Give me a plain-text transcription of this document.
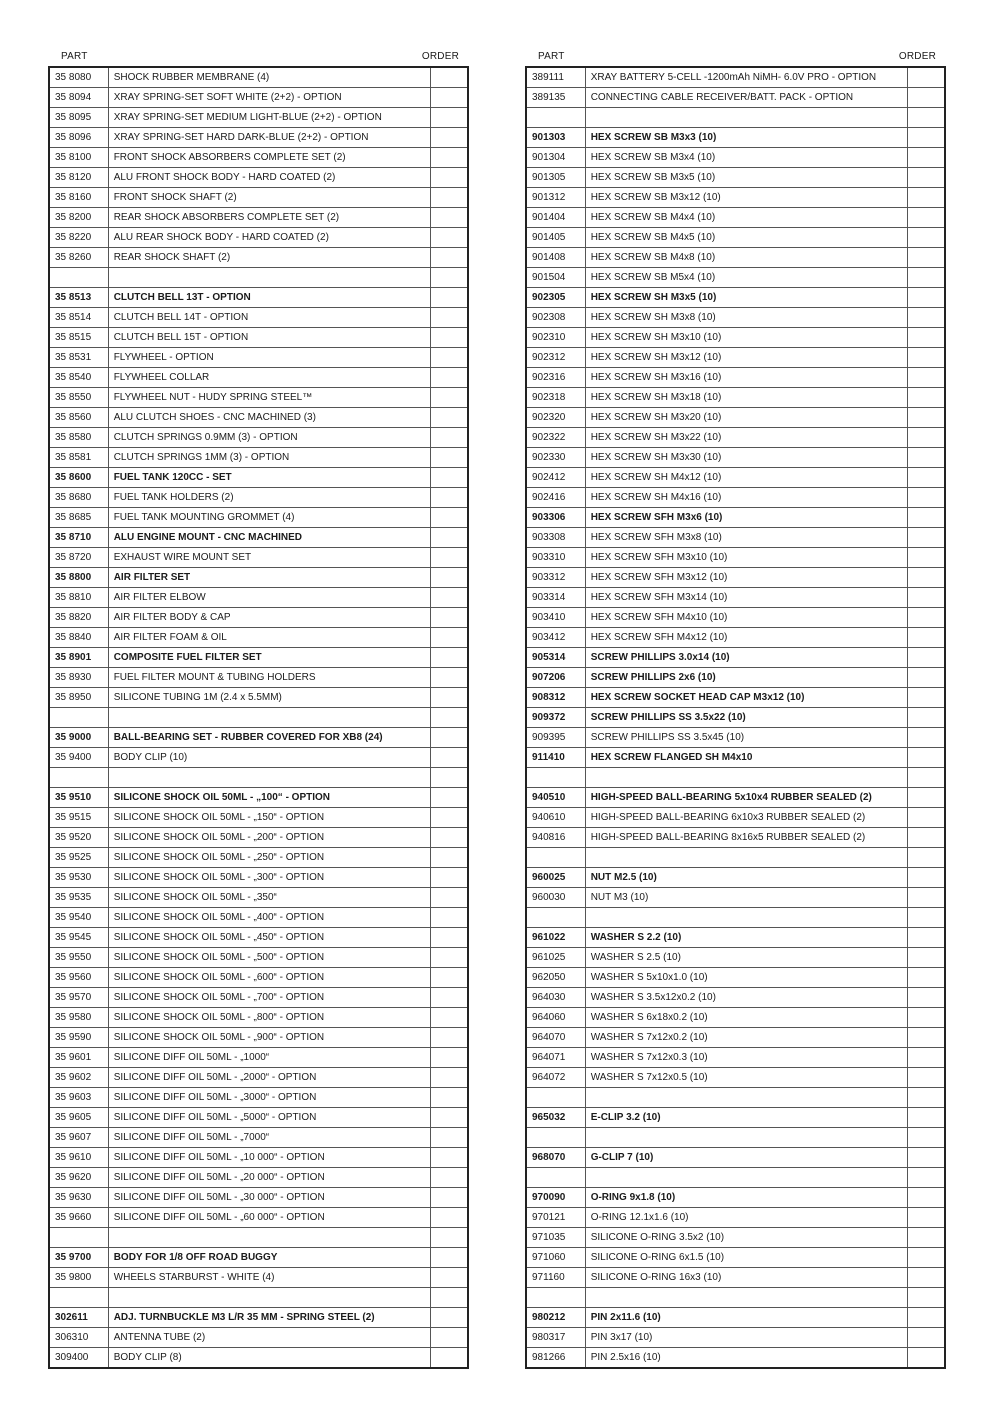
PART	ORDER
35 8080	SHOCK RUBBER MEMBRANE (4)	
35 8094	XRAY SPRING-SET SOFT WHITE (2+2) - OPTION	
35 8095	XRAY SPRING-SET MEDIUM LIGHT-BLUE (2+2) - OPTION	
35 8096	XRAY SPRING-SET HARD DARK-BLUE (2+2) - OPTION	
35 8100	FRONT SHOCK ABSORBERS COMPLETE SET (2)	
35 8120	ALU FRONT SHOCK BODY - HARD COATED (2)	
35 8160	FRONT SHOCK SHAFT (2)	
35 8200	REAR SHOCK ABSORBERS COMPLETE SET (2)	
35 8220	ALU REAR SHOCK BODY - HARD COATED (2)	
35 8260	REAR SHOCK SHAFT (2)	

35 8513	CLUTCH BELL 13T - OPTION	
35 8514	CLUTCH BELL 14T - OPTION	
35 8515	CLUTCH BELL 15T - OPTION	
35 8531	FLYWHEEL - OPTION	
35 8540	FLYWHEEL COLLAR	
35 8550	FLYWHEEL NUT - HUDY SPRING STEEL™	
35 8560	ALU CLUTCH SHOES - CNC MACHINED (3)	
35 8580	CLUTCH SPRINGS 0.9MM (3) - OPTION	
35 8581	CLUTCH SPRINGS 1MM (3) - OPTION	
35 8600	FUEL TANK 120CC - SET	
35 8680	FUEL TANK HOLDERS (2)	
35 8685	FUEL TANK MOUNTING GROMMET (4)	
35 8710	ALU ENGINE MOUNT - CNC MACHINED	
35 8720	EXHAUST WIRE MOUNT SET	
35 8800	AIR FILTER SET	
35 8810	AIR FILTER ELBOW	
35 8820	AIR FILTER BODY & CAP	
35 8840	AIR FILTER FOAM & OIL	
35 8901	COMPOSITE FUEL FILTER SET	
35 8930	FUEL FILTER MOUNT & TUBING HOLDERS	
35 8950	SILICONE TUBING 1M (2.4 x 5.5MM)	

35 9000	BALL-BEARING SET - RUBBER COVERED FOR XB8 (24)	
35 9400	BODY CLIP (10)	

35 9510	SILICONE SHOCK OIL 50ML - „100“ - OPTION	
35 9515	SILICONE SHOCK OIL 50ML - „150“ - OPTION	
35 9520	SILICONE SHOCK OIL 50ML - „200“ - OPTION	
35 9525	SILICONE SHOCK OIL 50ML - „250“ - OPTION	
35 9530	SILICONE SHOCK OIL 50ML - „300“ - OPTION	
35 9535	SILICONE SHOCK OIL 50ML - „350“	
35 9540	SILICONE SHOCK OIL 50ML - „400“ - OPTION	
35 9545	SILICONE SHOCK OIL 50ML - „450“ - OPTION	
35 9550	SILICONE SHOCK OIL 50ML - „500“ - OPTION	
35 9560	SILICONE SHOCK OIL 50ML - „600“ - OPTION	
35 9570	SILICONE SHOCK OIL 50ML - „700“ - OPTION	
35 9580	SILICONE SHOCK OIL 50ML - „800“ - OPTION	
35 9590	SILICONE SHOCK OIL 50ML - „900“ - OPTION	
35 9601	SILICONE DIFF OIL 50ML - „1000“	
35 9602	SILICONE DIFF OIL 50ML - „2000“ - OPTION	
35 9603	SILICONE DIFF OIL 50ML - „3000“ - OPTION	
35 9605	SILICONE DIFF OIL 50ML - „5000“ - OPTION	
35 9607	SILICONE DIFF OIL 50ML - „7000“	
35 9610	SILICONE DIFF OIL 50ML - „10 000“ - OPTION	
35 9620	SILICONE DIFF OIL 50ML - „20 000“ - OPTION	
35 9630	SILICONE DIFF OIL 50ML - „30 000“ - OPTION	
35 9660	SILICONE DIFF OIL 50ML - „60 000“ - OPTION	

35 9700	BODY FOR 1/8 OFF ROAD BUGGY	
35 9800	WHEELS STARBURST - WHITE (4)	

302611	ADJ. TURNBUCKLE M3 L/R 35 MM - SPRING STEEL (2)	
306310	ANTENNA TUBE (2)	
309400	BODY CLIP (8)	
PART	ORDER
389111	XRAY BATTERY 5-CELL -1200mAh NiMH- 6.0V PRO - OPTION	
389135	CONNECTING CABLE RECEIVER/BATT. PACK - OPTION	

901303	HEX SCREW SB M3x3 (10)	
901304	HEX SCREW SB M3x4 (10)	
901305	HEX SCREW SB M3x5 (10)	
901312	HEX SCREW SB M3x12 (10)	
901404	HEX SCREW SB M4x4 (10)	
901405	HEX SCREW SB M4x5 (10)	
901408	HEX SCREW SB M4x8 (10)	
901504	HEX SCREW SB M5x4 (10)	
902305	HEX SCREW SH M3x5 (10)	
902308	HEX SCREW SH M3x8 (10)	
902310	HEX SCREW SH M3x10 (10)	
902312	HEX SCREW SH M3x12 (10)	
902316	HEX SCREW SH M3x16 (10)	
902318	HEX SCREW SH M3x18 (10)	
902320	HEX SCREW SH M3x20 (10)	
902322	HEX SCREW SH M3x22 (10)	
902330	HEX SCREW SH M3x30 (10)	
902412	HEX SCREW SH M4x12 (10)	
902416	HEX SCREW SH M4x16 (10)	
903306	HEX SCREW SFH M3x6 (10)	
903308	HEX SCREW SFH M3x8 (10)	
903310	HEX SCREW SFH M3x10 (10)	
903312	HEX SCREW SFH M3x12 (10)	
903314	HEX SCREW SFH M3x14 (10)	
903410	HEX SCREW SFH M4x10 (10)	
903412	HEX SCREW SFH M4x12 (10)	
905314	SCREW PHILLIPS 3.0x14 (10)	
907206	SCREW PHILLIPS 2x6 (10)	
908312	HEX SCREW SOCKET HEAD CAP M3x12 (10)	
909372	SCREW PHILLIPS SS 3.5x22 (10)	
909395	SCREW PHILLIPS SS 3.5x45 (10)	
911410	HEX SCREW FLANGED SH M4x10	

940510	HIGH-SPEED BALL-BEARING 5x10x4 RUBBER SEALED (2)	
940610	HIGH-SPEED BALL-BEARING 6x10x3 RUBBER SEALED (2)	
940816	HIGH-SPEED BALL-BEARING 8x16x5 RUBBER SEALED (2)	

960025	NUT M2.5 (10)	
960030	NUT M3 (10)	

961022	WASHER S 2.2 (10)	
961025	WASHER S 2.5 (10)	
962050	WASHER S 5x10x1.0 (10)	
964030	WASHER S 3.5x12x0.2 (10)	
964060	WASHER S 6x18x0.2 (10)	
964070	WASHER S 7x12x0.2 (10)	
964071	WASHER S 7x12x0.3 (10)	
964072	WASHER S 7x12x0.5 (10)	

965032	E-CLIP 3.2 (10)	

968070	G-CLIP 7 (10)	

970090	O-RING 9x1.8 (10)	
970121	O-RING 12.1x1.6 (10)	
971035	SILICONE O-RING 3.5x2 (10)	
971060	SILICONE O-RING 6x1.5 (10)	
971160	SILICONE O-RING 16x3 (10)	

980212	PIN 2x11.6 (10)	
980317	PIN 3x17 (10)	
981266	PIN 2.5x16 (10)	
